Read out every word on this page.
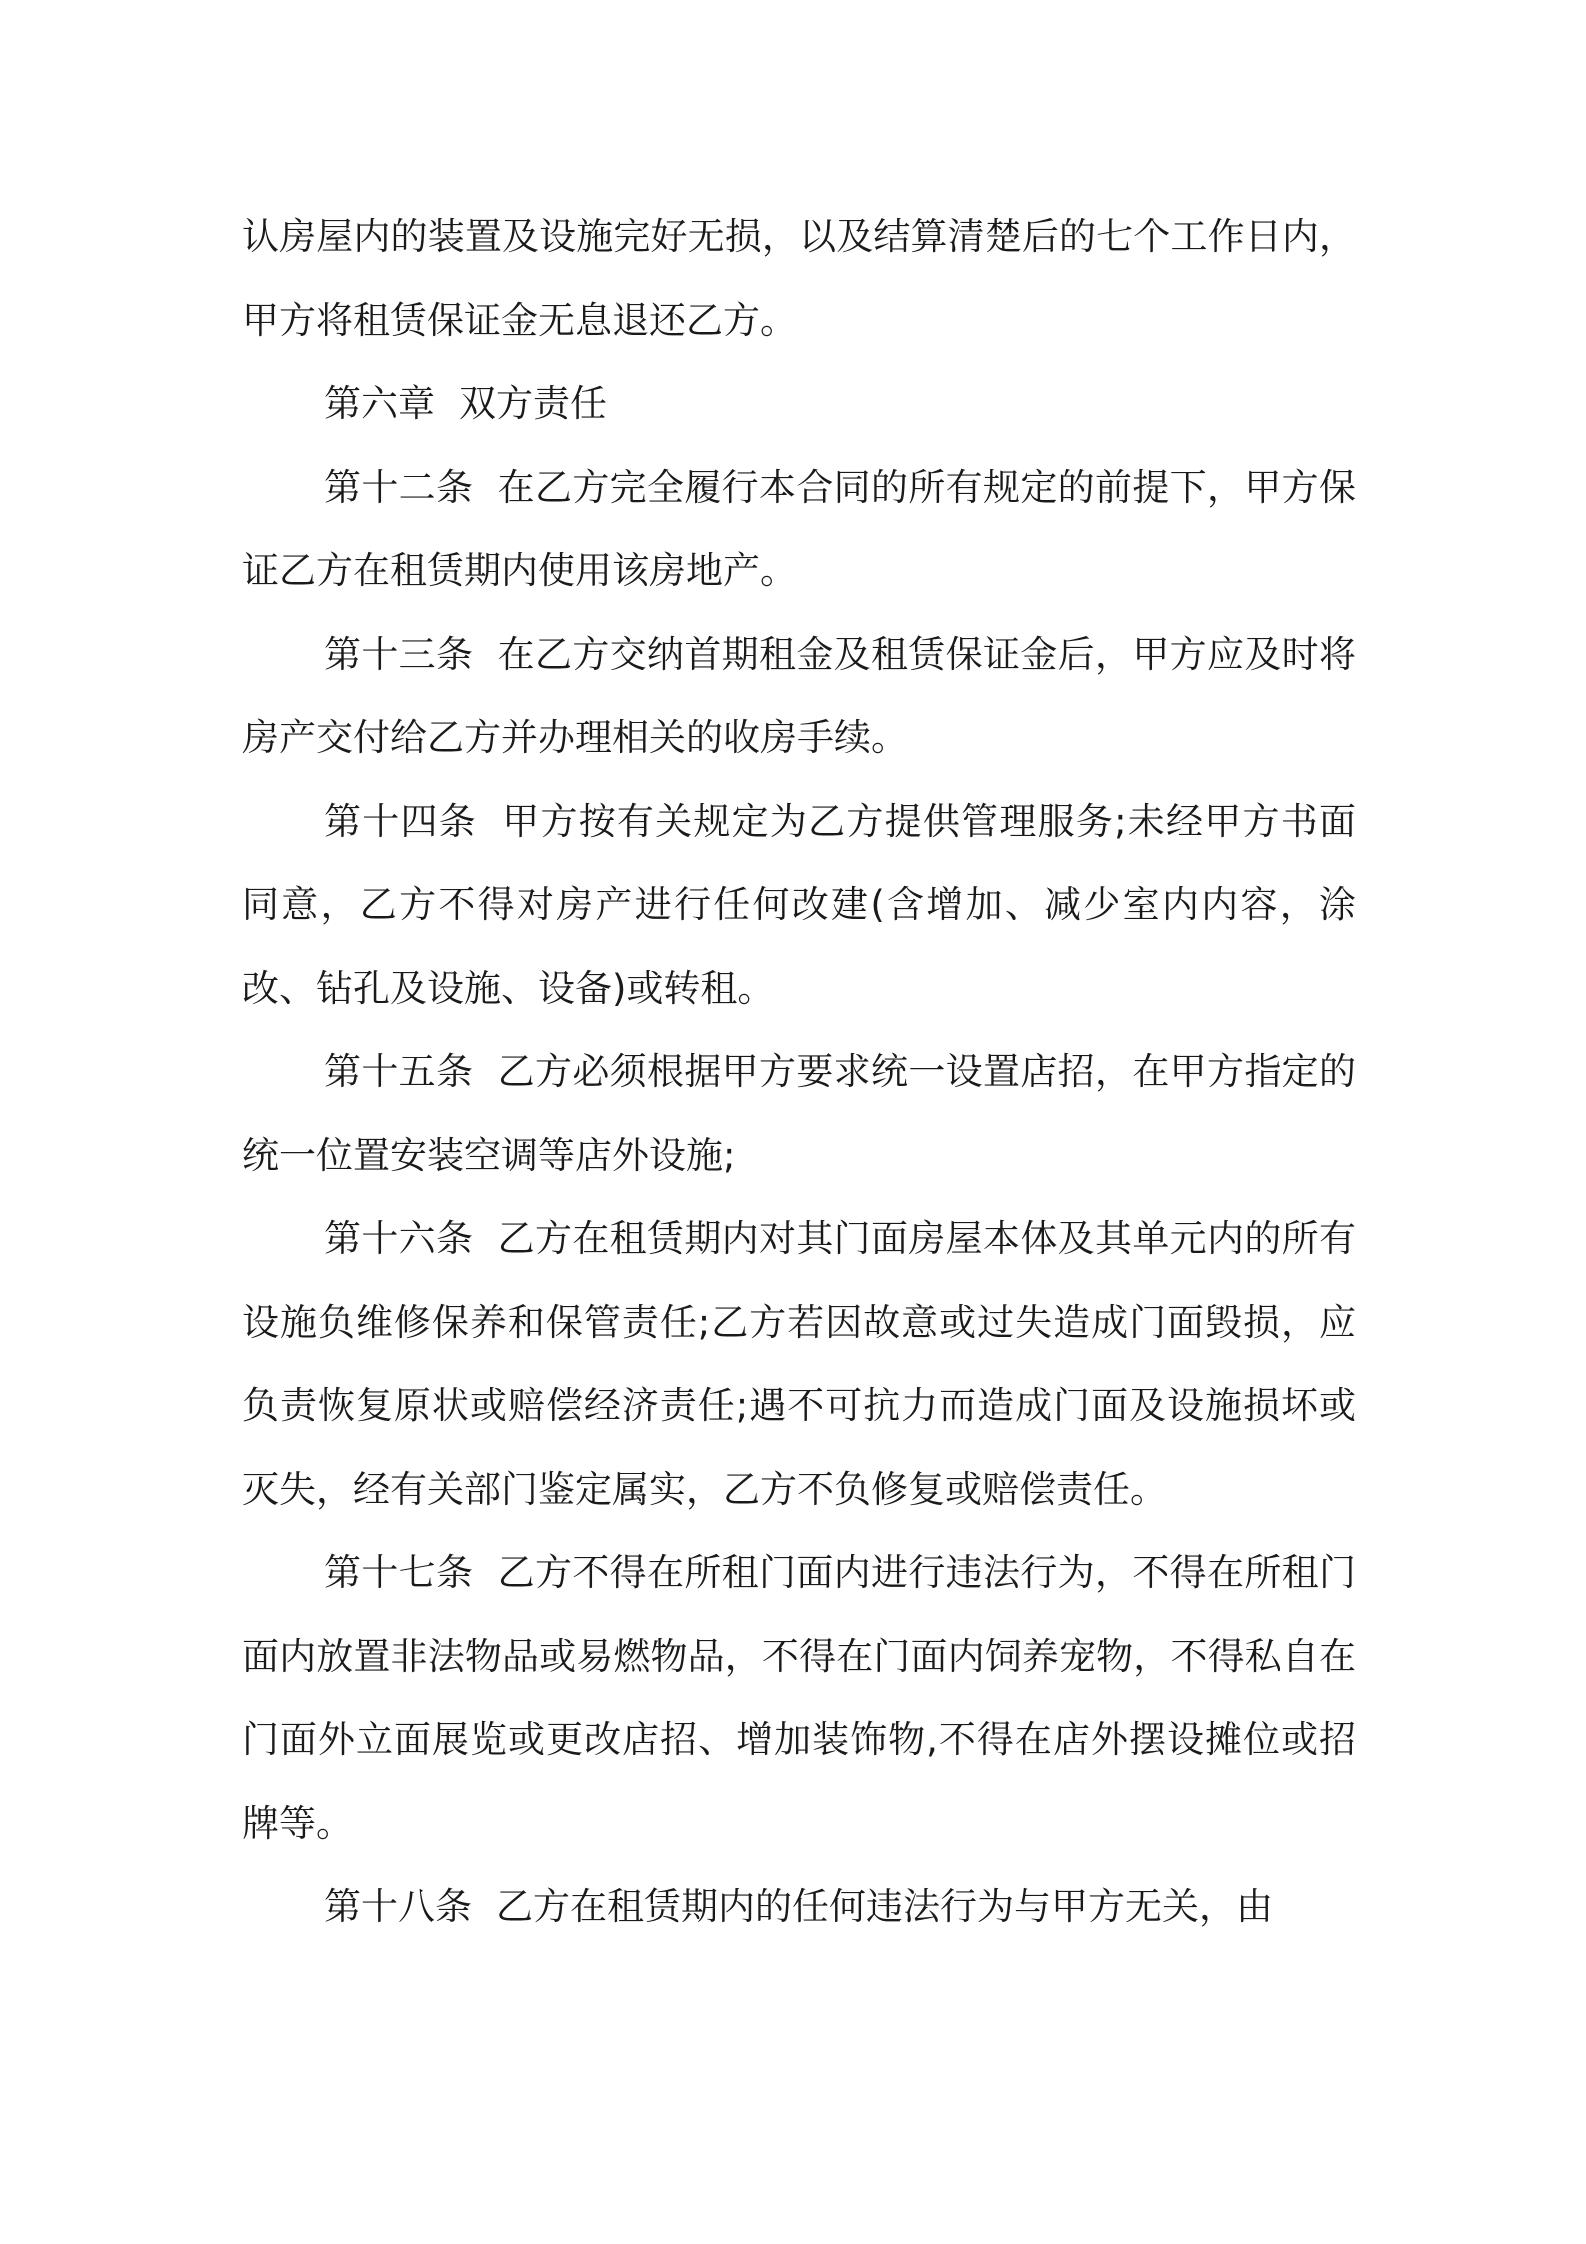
认房屋内的装置及设施完好无损，以及结算清楚后的七个工作日内，甲方将租赁保证金无息退还乙方。

第六章 双方责任

第十二条 在乙方完全履行本合同的所有规定的前提下，甲方保证乙方在租赁期内使用该房地产。

第十三条 在乙方交纳首期租金及租赁保证金后，甲方应及时将房产交付给乙方并办理相关的收房手续。

第十四条 甲方按有关规定为乙方提供管理服务;未经甲方书面同意，乙方不得对房产进行任何改建(含增加、减少室内内容，涂改、钻孔及设施、设备)或转租。

第十五条 乙方必须根据甲方要求统一设置店招，在甲方指定的统一位置安装空调等店外设施;

第十六条 乙方在租赁期内对其门面房屋本体及其单元内的所有设施负维修保养和保管责任;乙方若因故意或过失造成门面毁损，应负责恢复原状或赔偿经济责任;遇不可抗力而造成门面及设施损坏或灭失，经有关部门鉴定属实，乙方不负修复或赔偿责任。

第十七条 乙方不得在所租门面内进行违法行为，不得在所租门面内放置非法物品或易燃物品，不得在门面内饲养宠物，不得私自在门面外立面展览或更改店招、增加装饰物,不得在店外摆设摊位或招牌等。

第十八条 乙方在租赁期内的任何违法行为与甲方无关，由
